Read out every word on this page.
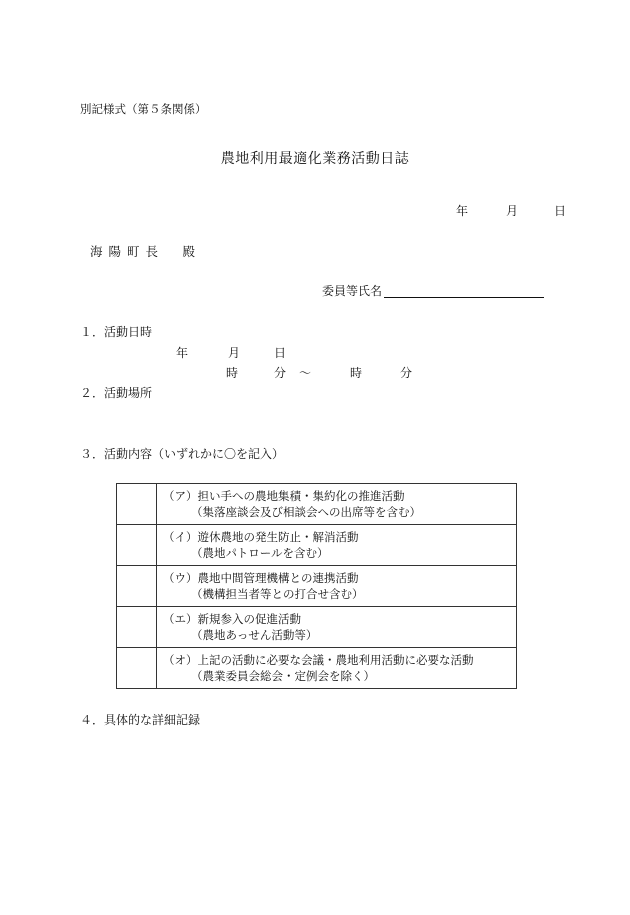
別記様式（第５条関係）
農地利用最適化業務活動日誌
年	月	日
海陽町長　殿
委員等氏名
１．活動日時
年	月	日
時	分 ～	時	分
２．活動場所
３．活動内容（いずれかに〇を記入）

	（ア）担い手への農地集積・集約化の推進活動
（集落座談会及び相談会への出席等を含む）

	（イ）遊休農地の発生防止・解消活動
（農地パトロールを含む）

	（ウ）農地中間管理機構との連携活動
（機構担当者等との打合せ含む）

	（エ）新規参入の促進活動
（農地あっせん活動等）

	（オ）上記の活動に必要な会議・農地利用活動に必要な活動
（農業委員会総会・定例会を除く）
４．具体的な詳細記録
